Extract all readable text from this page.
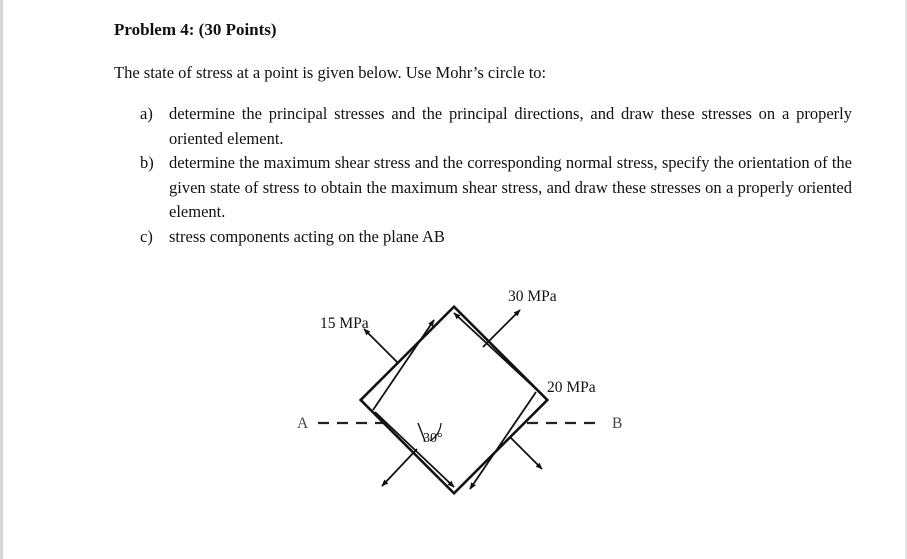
Problem 4: (30 Points)
The state of stress at a point is given below. Use Mohr’s circle to:
a) determine the principal stresses and the principal directions, and draw these stresses on a properly oriented element.
b) determine the maximum shear stress and the corresponding normal stress, specify the orientation of the given state of stress to obtain the maximum shear stress, and draw these stresses on a properly oriented element.
c) stress components acting on the plane AB
30 MPa
15 MPa
20 MPa
30°
A	B
